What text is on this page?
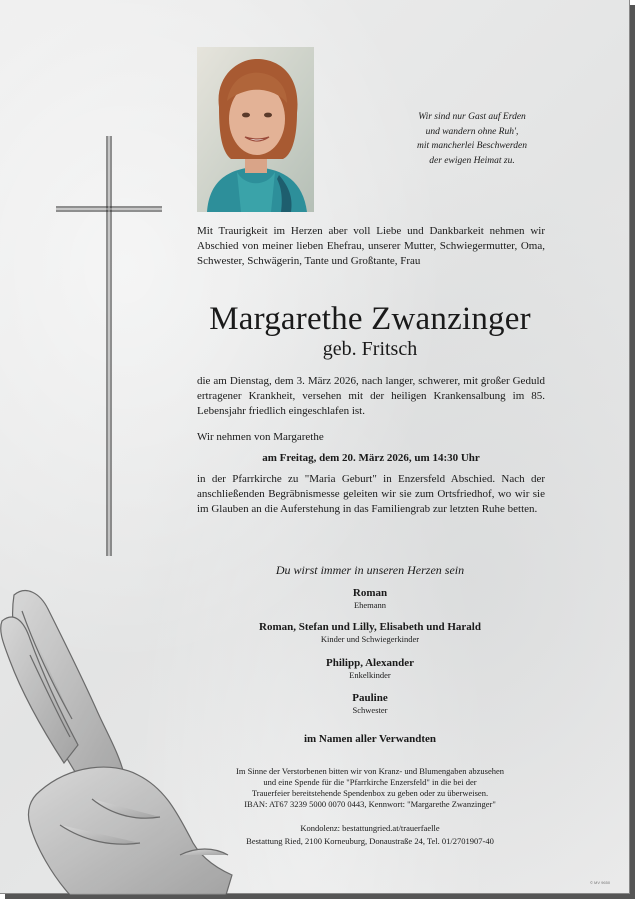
Wir sind nur Gast auf Erden
und wandern ohne Ruh',
mit mancherlei Beschwerden
der ewigen Heimat zu.
Mit Traurigkeit im Herzen aber voll Liebe und Dankbarkeit nehmen wir Abschied von meiner lieben Ehefrau, unserer Mutter, Schwiegermutter, Oma, Schwester, Schwägerin, Tante und Großtante, Frau
Margarethe Zwanzinger
geb. Fritsch
die am Dienstag, dem 3. März 2026, nach langer, schwerer, mit großer Geduld ertragener Krankheit, versehen mit der heiligen Krankensalbung im 85. Lebensjahr friedlich eingeschlafen ist.
Wir nehmen von Margarethe
am Freitag, dem 20. März 2026, um 14:30 Uhr
in der Pfarrkirche zu "Maria Geburt" in Enzersfeld Abschied. Nach der anschließenden Begräbnismesse geleiten wir sie zum Ortsfriedhof, wo wir sie im Glauben an die Auferstehung in das Familiengrab zur letzten Ruhe betten.
Du wirst immer in unseren Herzen sein
Roman
Ehemann
Roman, Stefan und Lilly, Elisabeth und Harald
Kinder und Schwiegerkinder
Philipp, Alexander
Enkelkinder
Pauline
Schwester
im Namen aller Verwandten
Im Sinne der Verstorbenen bitten wir von Kranz- und Blumengaben abzusehen
und eine Spende für die "Pfarrkirche Enzersfeld" in die bei der
Trauerfeier bereitstehende Spendenbox zu geben oder zu überweisen.
IBAN: AT67 3239 5000 0070 0443, Kennwort: "Margarethe Zwanzinger"
Kondolenz: bestattungried.at/trauerfaelle
Bestattung Ried, 2100 Korneuburg, Donaustraße 24, Tel. 01/2701907-40
© MV 9650
